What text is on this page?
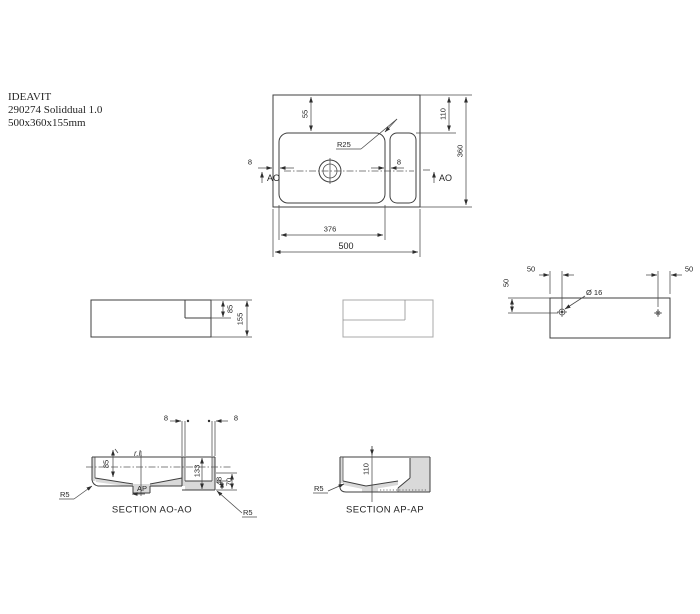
IDEAVIT
290274 Soliddual 1.0
500x360x155mm
55	110
360
8
AO
8
AO
R25
376
500
85
155
Ø 16
50
50	50
8	8
85
r.l.
133
48 70
AP
R5
R5
SECTION AO-AO
110
R5
SECTION AP-AP
